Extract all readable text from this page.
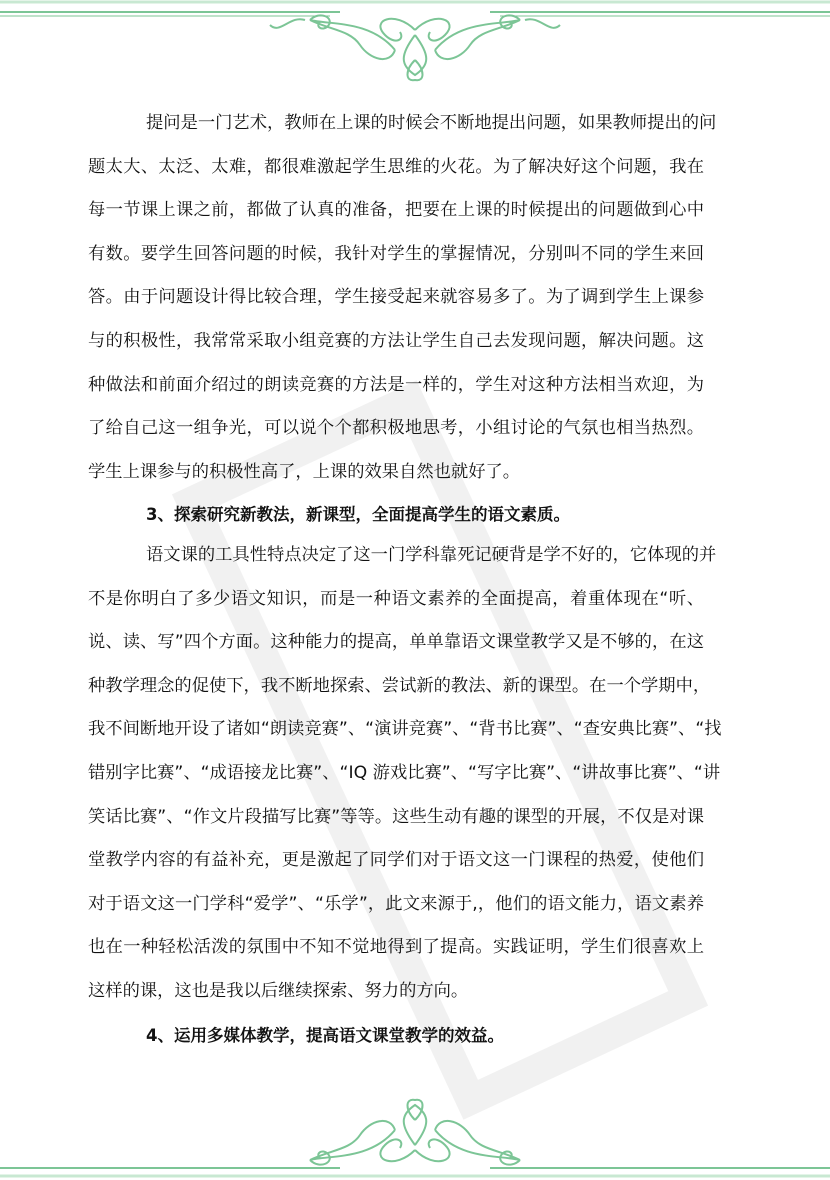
提问是一门艺术，教师在上课的时候会不断地提出问题，如果教师提出的问
题太大、太泛、太难，都很难激起学生思维的火花。为了解决好这个问题，我在
每一节课上课之前，都做了认真的准备，把要在上课的时候提出的问题做到心中
有数。要学生回答问题的时候，我针对学生的掌握情况，分别叫不同的学生来回
答。由于问题设计得比较合理，学生接受起来就容易多了。为了调到学生上课参
与的积极性，我常常采取小组竞赛的方法让学生自己去发现问题，解决问题。这
种做法和前面介绍过的朗读竞赛的方法是一样的，学生对这种方法相当欢迎，为
了给自己这一组争光，可以说个个都积极地思考，小组讨论的气氛也相当热烈。
学生上课参与的积极性高了，上课的效果自然也就好了。
3、探索研究新教法，新课型，全面提高学生的语文素质。
语文课的工具性特点决定了这一门学科靠死记硬背是学不好的，它体现的并
不是你明白了多少语文知识，而是一种语文素养的全面提高，着重体现在“听、
说、读、写”四个方面。这种能力的提高，单单靠语文课堂教学又是不够的，在这
种教学理念的促使下，我不断地探索、尝试新的教法、新的课型。在一个学期中，
我不间断地开设了诸如“朗读竞赛”、“演讲竞赛”、“背书比赛”、“查安典比赛”、“找
错别字比赛”、“成语接龙比赛”、“IQ 游戏比赛”、“写字比赛”、“讲故事比赛”、“讲
笑话比赛”、“作文片段描写比赛”等等。这些生动有趣的课型的开展，不仅是对课
堂教学内容的有益补充，更是激起了同学们对于语文这一门课程的热爱，使他们
对于语文这一门学科“爱学”、“乐学”，此文来源于,，他们的语文能力，语文素养
也在一种轻松活泼的氛围中不知不觉地得到了提高。实践证明，学生们很喜欢上
这样的课，这也是我以后继续探索、努力的方向。
4、运用多媒体教学，提高语文课堂教学的效益。
